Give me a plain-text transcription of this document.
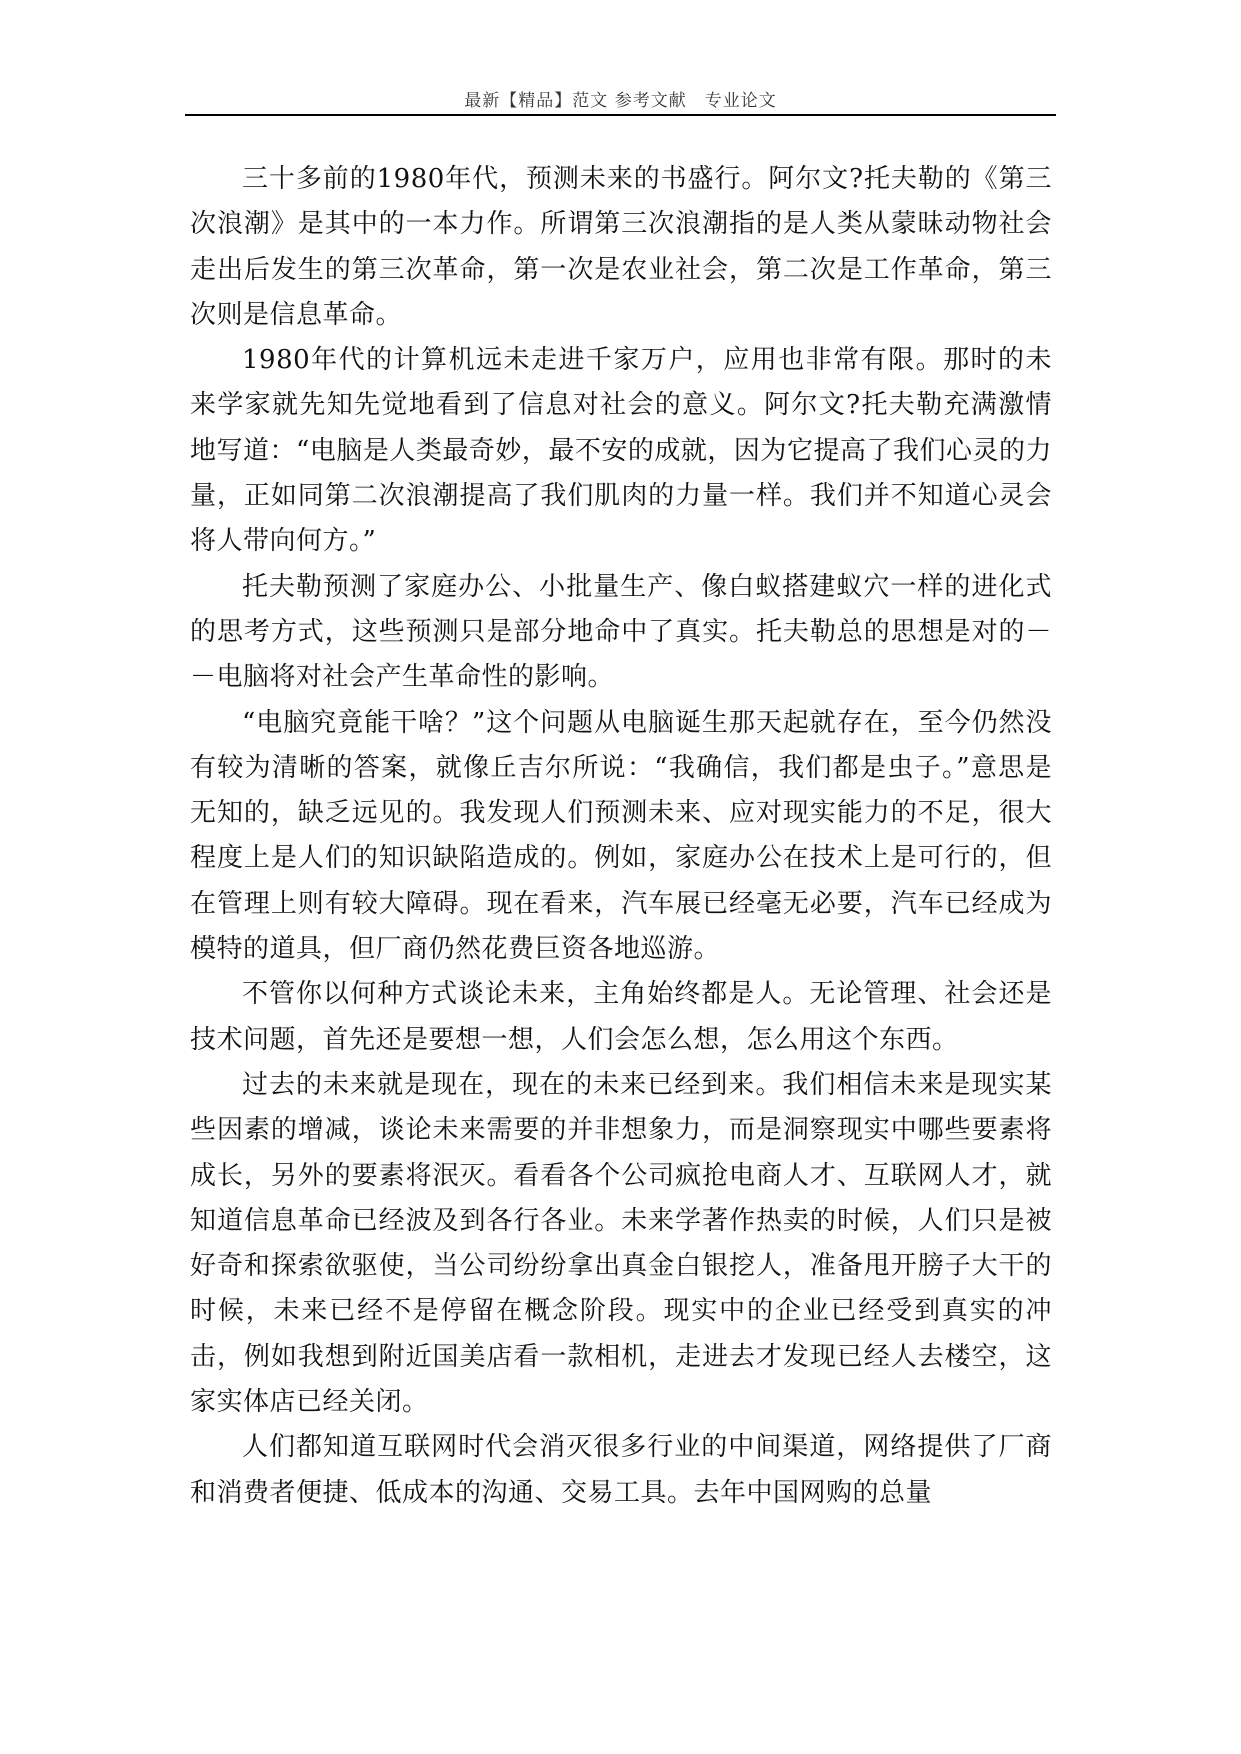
最新【精品】范文 参考文献　专业论文

三十多前的1980年代，预测未来的书盛行。阿尔文?托夫勒的《第三次浪潮》是其中的一本力作。所谓第三次浪潮指的是人类从蒙昧动物社会走出后发生的第三次革命，第一次是农业社会，第二次是工作革命，第三次则是信息革命。

1980年代的计算机远未走进千家万户，应用也非常有限。那时的未来学家就先知先觉地看到了信息对社会的意义。阿尔文?托夫勒充满激情地写道：“电脑是人类最奇妙，最不安的成就，因为它提高了我们心灵的力量，正如同第二次浪潮提高了我们肌肉的力量一样。我们并不知道心灵会将人带向何方。”

托夫勒预测了家庭办公、小批量生产、像白蚁搭建蚁穴一样的进化式的思考方式，这些预测只是部分地命中了真实。托夫勒总的思想是对的－－电脑将对社会产生革命性的影响。

“电脑究竟能干啥？”这个问题从电脑诞生那天起就存在，至今仍然没有较为清晰的答案，就像丘吉尔所说：“我确信，我们都是虫子。”意思是无知的，缺乏远见的。我发现人们预测未来、应对现实能力的不足，很大程度上是人们的知识缺陷造成的。例如，家庭办公在技术上是可行的，但在管理上则有较大障碍。现在看来，汽车展已经毫无必要，汽车已经成为模特的道具，但厂商仍然花费巨资各地巡游。

不管你以何种方式谈论未来，主角始终都是人。无论管理、社会还是技术问题，首先还是要想一想，人们会怎么想，怎么用这个东西。

过去的未来就是现在，现在的未来已经到来。我们相信未来是现实某些因素的增减，谈论未来需要的并非想象力，而是洞察现实中哪些要素将成长，另外的要素将泯灭。看看各个公司疯抢电商人才、互联网人才，就知道信息革命已经波及到各行各业。未来学著作热卖的时候，人们只是被好奇和探索欲驱使，当公司纷纷拿出真金白银挖人，准备甩开膀子大干的时候，未来已经不是停留在概念阶段。现实中的企业已经受到真实的冲击，例如我想到附近国美店看一款相机，走进去才发现已经人去楼空，这家实体店已经关闭。

人们都知道互联网时代会消灭很多行业的中间渠道，网络提供了厂商和消费者便捷、低成本的沟通、交易工具。去年中国网购的总量
